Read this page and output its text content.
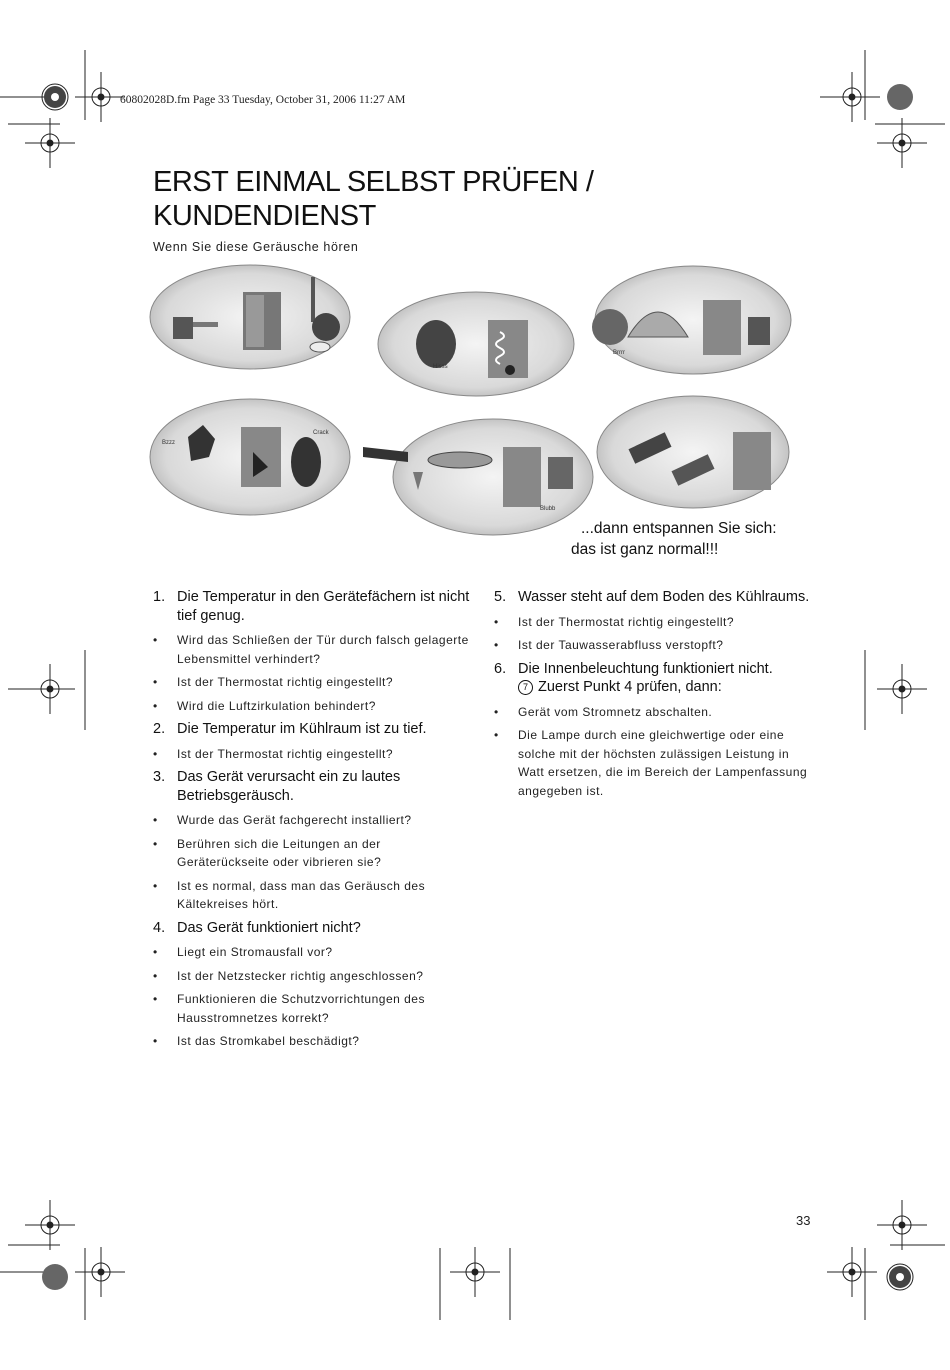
60802028D.fm Page 33 Tuesday, October 31, 2006 11:27 AM
ERST EINMAL SELBST PRÜFEN /
KUNDENDIENST
Wenn Sie diese Geräusche hören
Hisss
Brrrr
Bzzz
Crack
Blubb
...dann entspannen Sie sich:
das ist ganz normal!!!
1. Die Temperatur in den Gerätefächern ist nicht tief genug.
•	Wird das Schließen der Tür durch falsch gelagerte Lebensmittel verhindert?
•	Ist der Thermostat richtig eingestellt?
•	Wird die Luftzirkulation behindert?
2. Die Temperatur im Kühlraum ist zu tief.
•	Ist der Thermostat richtig eingestellt?
3. Das Gerät verursacht ein zu lautes Betriebsgeräusch.
•	Wurde das Gerät fachgerecht installiert?
•	Berühren sich die Leitungen an der Geräterückseite oder vibrieren sie?
•	Ist es normal, dass man das Geräusch des Kältekreises hört.
4. Das Gerät funktioniert nicht?
•	Liegt ein Stromausfall vor?
•	Ist der Netzstecker richtig angeschlossen?
•	Funktionieren die Schutzvorrichtungen des Hausstromnetzes korrekt?
•	Ist das Stromkabel beschädigt?
5. Wasser steht auf dem Boden des Kühlraums.
•	Ist der Thermostat richtig eingestellt?
•	Ist der Tauwasserabfluss verstopft?
6. Die Innenbeleuchtung funktioniert nicht.
7 Zuerst Punkt 4 prüfen, dann:
•	Gerät vom Stromnetz abschalten.
•	Die Lampe durch eine gleichwertige oder eine solche mit der höchsten zulässigen Leistung in Watt ersetzen, die im Bereich der Lampenfassung angegeben ist.
33
